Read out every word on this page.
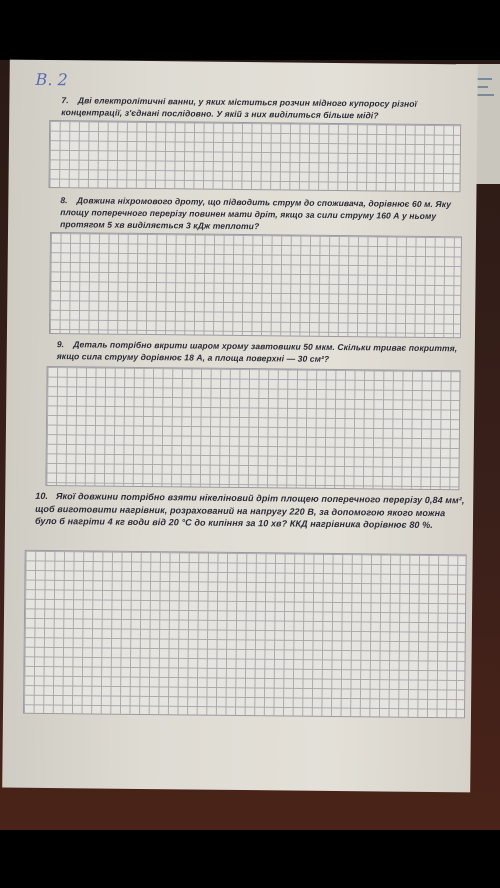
В. 2
7. Дві електролітичні ванни, у яких міститься розчин мідного купоросу різної концентрації, з'єднані послідовно. У якій з них виділиться більше міді?
8. Довжина ніхромового дроту, що підводить струм до споживача, дорівнює 60 м. Яку площу поперечного перерізу повинен мати дріт, якщо за сили струму 160 А у ньому протягом 5 хв виділяється 3 кДж теплоти?
9. Деталь потрібно вкрити шаром хрому завтовшки 50 мкм. Скільки триває покриття, якщо сила струму дорівнює 18 А, а площа поверхні — 30 см²?
10. Якої довжини потрібно взяти нікеліновий дріт площею поперечного перерізу 0,84 мм², щоб виготовити нагрівник, розрахований на напругу 220 В, за допомогою якого можна було б нагріти 4 кг води від 20 °С до кипіння за 10 хв? ККД нагрівника дорівнює 80 %.
